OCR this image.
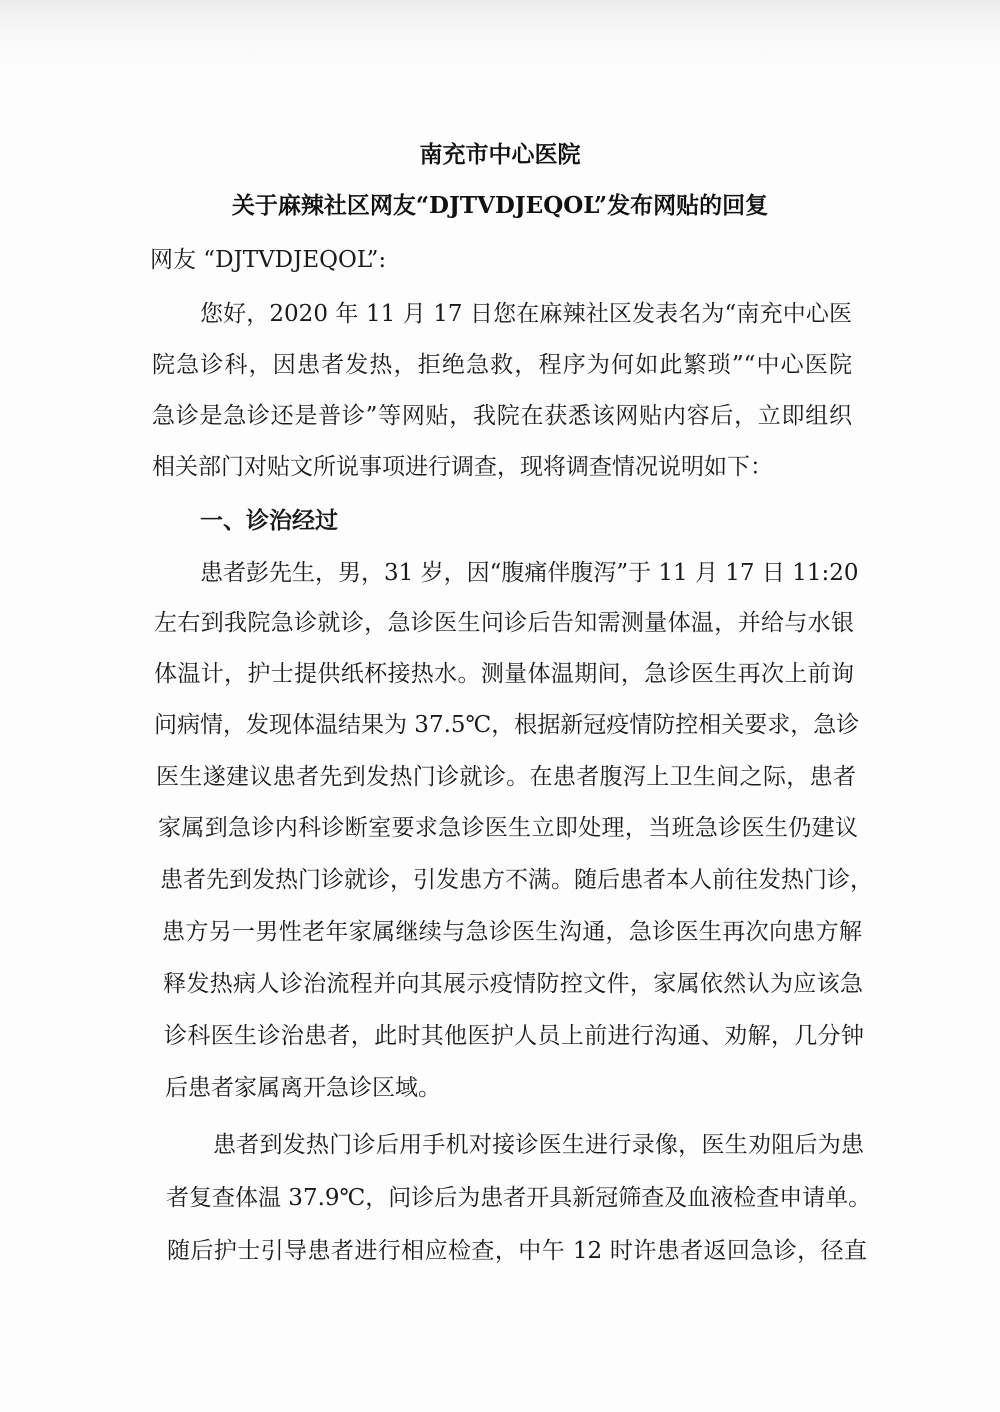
南充市中心医院
关于麻辣社区网友“DJTVDJEQOL”发布网贴的回复
网友 “DJTVDJEQOL”:
您好，2020 年 11 月 17 日您在麻辣社区发表名为“南充中心医
院急诊科，因患者发热，拒绝急救，程序为何如此繁琐”“中心医院
急诊是急诊还是普诊”等网贴，我院在获悉该网贴内容后，立即组织
相关部门对贴文所说事项进行调查，现将调查情况说明如下：
一、诊治经过
患者彭先生，男，31 岁，因“腹痛伴腹泻”于 11 月 17 日 11:20
左右到我院急诊就诊，急诊医生问诊后告知需测量体温，并给与水银
体温计，护士提供纸杯接热水。测量体温期间，急诊医生再次上前询
问病情，发现体温结果为 37.5℃，根据新冠疫情防控相关要求，急诊
医生遂建议患者先到发热门诊就诊。在患者腹泻上卫生间之际，患者
家属到急诊内科诊断室要求急诊医生立即处理，当班急诊医生仍建议
患者先到发热门诊就诊，引发患方不满。随后患者本人前往发热门诊，
患方另一男性老年家属继续与急诊医生沟通，急诊医生再次向患方解
释发热病人诊治流程并向其展示疫情防控文件，家属依然认为应该急
诊科医生诊治患者，此时其他医护人员上前进行沟通、劝解，几分钟
后患者家属离开急诊区域。
患者到发热门诊后用手机对接诊医生进行录像，医生劝阻后为患
者复查体温 37.9℃，问诊后为患者开具新冠筛查及血液检查申请单。
随后护士引导患者进行相应检查，中午 12 时许患者返回急诊，径直
